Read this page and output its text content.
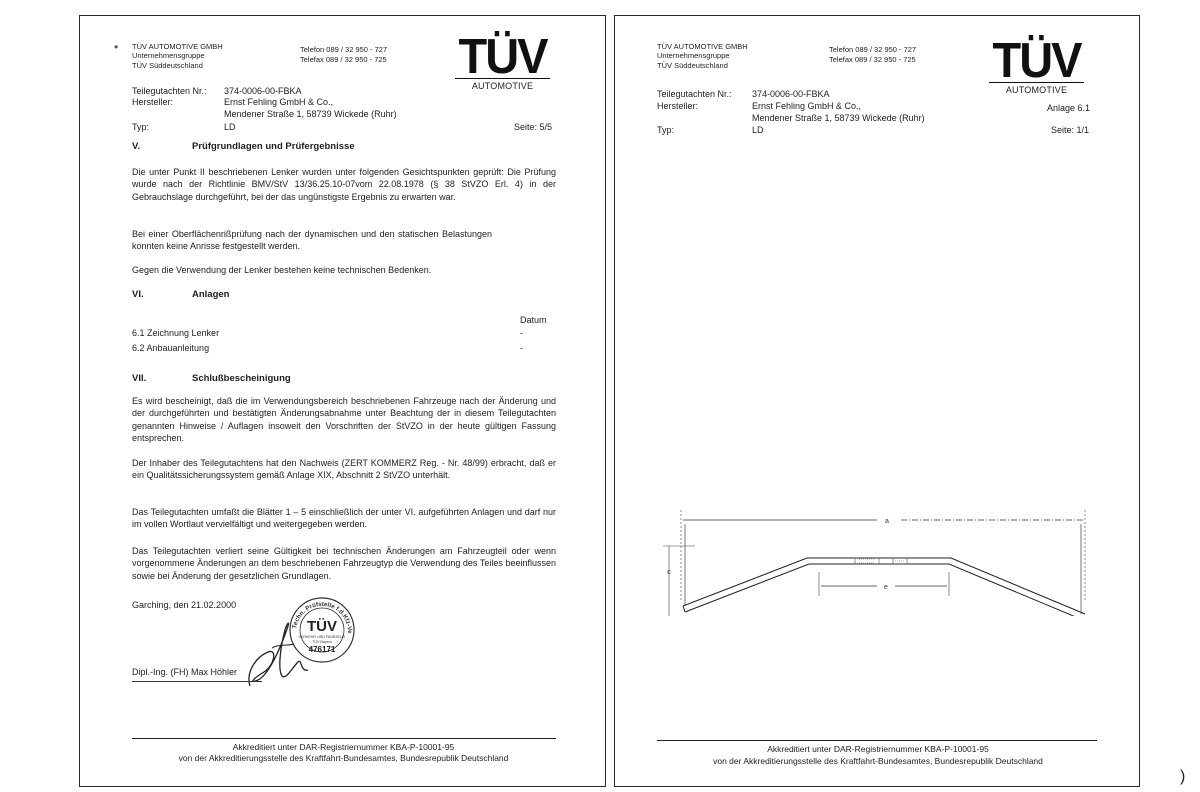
TÜV AUTOMOTIVE GMBH
Unternehmensgruppe
TÜV Süddeutschland
Telefon 089 / 32 950 - 727
Telefax 089 / 32 950 - 725 TÜV
AUTOMOTIVE
Teilegutachten Nr.: 374-0006-00-FBKA
Hersteller:	Ernst Fehling GmbH & Co.,
Mendener Straße 1, 58739 Wickede (Ruhr)
Typ:	LD	Seite: 5/5
V.	Prüfgrundlagen und Prüfergebnisse
Die unter Punkt II beschriebenen Lenker wurden unter folgenden Gesichtspunkten geprüft: Die Prüfung wurde nach der Richtlinie BMV/StV 13/36.25.10-07vom 22.08.1978 (§ 38 StVZO Erl. 4) in der Gebrauchslage durchgeführt, bei der das ungünstigste Ergebnis zu erwarten war.
Bei einer Oberflächenrißprüfung nach der dynamischen und den statischen Belastungen konnten keine Anrisse festgestellt werden.
Gegen die Verwendung der Lenker bestehen keine technischen Bedenken.
VI.	Anlagen
Datum
6.1 Zeichnung Lenker	-
6.2 Anbauanleitung	-
VII.	Schlußbescheinigung
Es wird bescheinigt, daß die im Verwendungsbereich beschriebenen Fahrzeuge nach der Änderung und der durchgeführten und bestätigten Änderungsabnahme unter Beachtung der in diesem Teilegutachten genannten Hinweise / Auflagen insoweit den Vorschriften der StVZO in der heute gültigen Fassung entsprechen.
Der Inhaber des Teilegutachtens hat den Nachweis (ZERT KOMMERZ Reg. - Nr. 48/99) erbracht, daß er ein Qualitätssicherungssystem gemäß Anlage XIX, Abschnitt 2 StVZO unterhält.
Das Teilegutachten umfaßt die Blätter 1 – 5 einschließlich der unter VI. aufgeführten Anlagen und darf nur im vollen Wortlaut vervielfältigt und weitergegeben werden.
Das Teilegutachten verliert seine Gültigkeit bei technischen Änderungen am Fahrzeugteil oder wenn vorgenommene Änderungen an dem beschriebenen Fahrzeugtyp die Verwendung des Teiles beeinflussen sowie bei Änderung der gesetzlichen Grundlagen.
Garching, den 21.02.2000
Techn. Prüfstelle f.d.Kfz-Ve
TÜV
VERKEHR UND FAHRZEUG
TÜV Bayern
476171
Dipl.-Ing. (FH) Max Höhler
Akkreditiert unter DAR-Registriernummer KBA-P-10001-95
von der Akkreditierungsstelle des Kraftfahrt-Bundesamtes, Bundesrepublik Deutschland
TÜV AUTOMOTIVE GMBH
Unternehmensgruppe
TÜV Süddeutschland
Telefon 089 / 32 950 - 727
Telefax 089 / 32 950 - 725 TÜV
AUTOMOTIVE
Teilegutachten Nr.: 374-0006-00-FBKA
Hersteller:	Ernst Fehling GmbH & Co.,
Mendener Straße 1, 58739 Wickede (Ruhr)
Typ:	LD
Anlage 6.1
Seite: 1/1
a
c
e
Akkreditiert unter DAR-Registriernummer KBA-P-10001-95
von der Akkreditierungsstelle des Kraftfahrt-Bundesamtes, Bundesrepublik Deutschland
•
)
